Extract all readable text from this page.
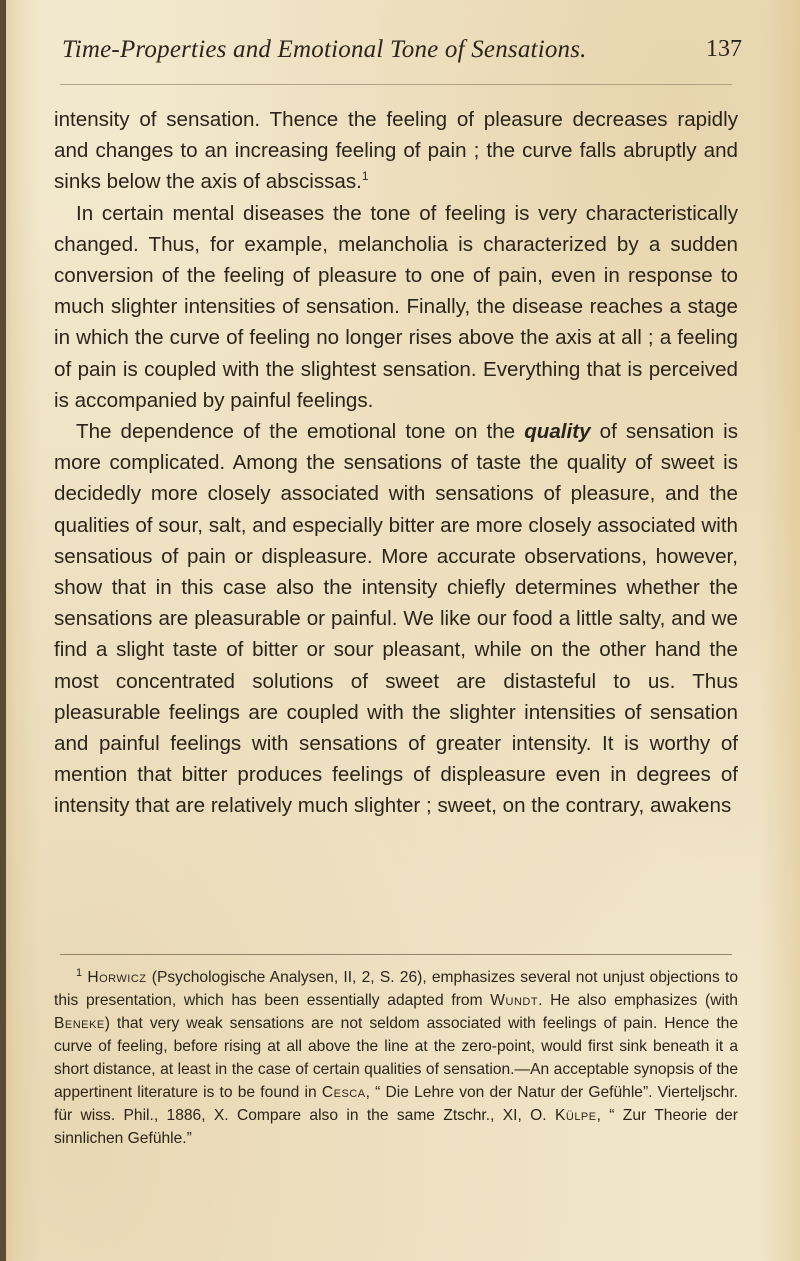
Time-Properties and Emotional Tone of Sensations.	137

intensity of sensation. Thence the feeling of pleasure decreases rapidly and changes to an increasing feeling of pain ; the curve falls abruptly and sinks below the axis of abscissas.$^1$

In certain mental diseases the tone of feeling is very characteristically changed. Thus, for example, melancholia is characterized by a sudden conversion of the feeling of pleasure to one of pain, even in response to much slighter intensities of sensation. Finally, the disease reaches a stage in which the curve of feeling no longer rises above the axis at all ; a feeling of pain is coupled with the slightest sensation. Everything that is perceived is accompanied by painful feelings.

The dependence of the emotional tone on the quality of sensation is more complicated. Among the sensations of taste the quality of sweet is decidedly more closely associated with sensations of pleasure, and the qualities of sour, salt, and especially bitter are more closely associated with sensatious of pain or displeasure. More accurate observations, however, show that in this case also the intensity chiefly determines whether the sensations are pleasurable or painful. We like our food a little salty, and we find a slight taste of bitter or sour pleasant, while on the other hand the most concentrated solutions of sweet are distasteful to us. Thus pleasurable feelings are coupled with the slighter intensities of sensation and painful feelings with sensations of greater intensity. It is worthy of mention that bitter produces feelings of displeasure even in degrees of intensity that are relatively much slighter ; sweet, on the contrary, awakens

$^1$ Horwicz (Psychologische Analysen, II, 2, S. 26), emphasizes several not unjust objections to this presentation, which has been essentially adapted from Wundt. He also emphasizes (with Beneke) that very weak sensations are not seldom associated with feelings of pain. Hence the curve of feeling, before rising at all above the line at the zero-point, would first sink beneath it a short distance, at least in the case of certain qualities of sensation.—An acceptable synopsis of the appertinent literature is to be found in Cesca, “ Die Lehre von der Natur der Gefühle”. Vierteljschr. für wiss. Phil., 1886, X. Compare also in the same Ztschr., XI, O. Külpe, “ Zur Theorie der sinnlichen Gefühle.”
